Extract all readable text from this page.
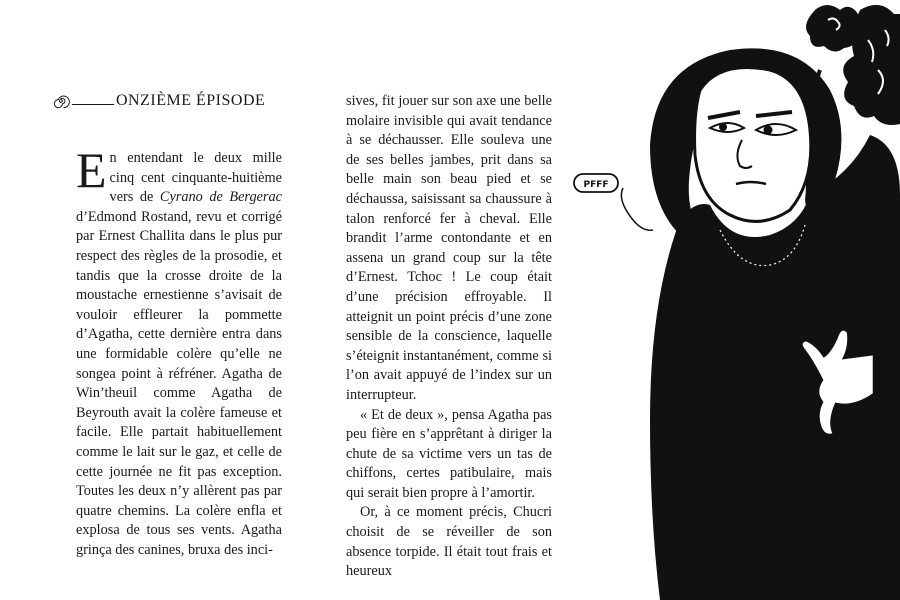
ONZIÈME ÉPISODE

En entendant le deux mille cinq cent cinquante-huitième vers de Cyrano de Bergerac d’Edmond Rostand, revu et corrigé par Ernest Challita dans le plus pur respect des règles de la prosodie, et tandis que la crosse droite de la moustache ernestienne s’avisait de vouloir effleurer la pommette d’Agatha, cette dernière entra dans une formidable colère qu’elle ne songea point à réfréner. Agatha de Win’theuil comme Agatha de Beyrouth avait la colère fameuse et facile. Elle partait habituellement comme le lait sur le gaz, et celle de cette journée ne fit pas exception. Toutes les deux n’y allèrent pas par quatre chemins. La colère enfla et explosa de tous ses vents. Agatha grinça des canines, bruxa des inci-

sives, fit jouer sur son axe une belle molaire invisible qui avait tendance à se déchausser. Elle souleva une de ses belles jambes, prit dans sa belle main son beau pied et se déchaussa, saisissant sa chaussure à talon renforcé fer à cheval. Elle brandit l’arme contondante et en assena un grand coup sur la tête d’Ernest. Tchoc ! Le coup était d’une précision effroyable. Il atteignit un point précis d’une zone sensible de la conscience, laquelle s’éteignit instantanément, comme si l’on avait appuyé de l’index sur un interrupteur.

« Et de deux », pensa Agatha pas peu fière en s’apprêtant à diriger la chute de sa victime vers un tas de chiffons, certes patibulaire, mais qui serait bien propre à l’amortir.

Or, à ce moment précis, Chucri choisit de se réveiller de son absence torpide. Il était tout frais et heureux

PFFF
